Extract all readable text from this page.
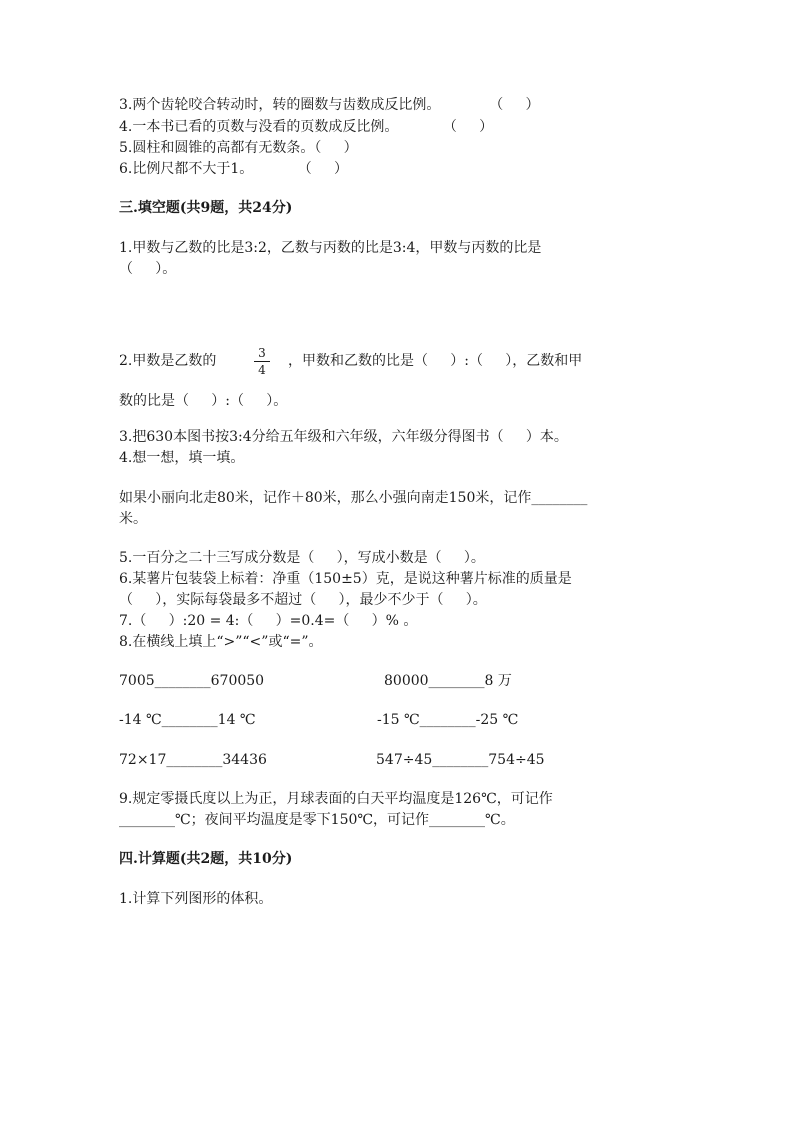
3.两个齿轮咬合转动时，转的圈数与齿数成反比例。           （     ）

4.一本书已看的页数与没看的页数成反比例。          （     ）

5.圆柱和圆锥的高都有无数条。（     ）

6.比例尺都不大于1。          （     ）

三.填空题(共9题，共24分)

1.甲数与乙数的比是3:2，乙数与丙数的比是3:4，甲数与丙数的比是

（     ）。

2.甲数是乙数的	3
4

，甲数和乙数的比是（     ）:（     ），乙数和甲

数的比是（     ）:（     ）。

3.把630本图书按3:4分给五年级和六年级，六年级分得图书（     ）本。

4.想一想，填一填。

如果小丽向北走80米，记作＋80米，那么小强向南走150米，记作________

米。

5.一百分之二十三写成分数是（     ），写成小数是（     ）。

6.某薯片包装袋上标着：净重（150±5）克，是说这种薯片标准的质量是

（     ），实际每袋最多不超过（     ），最少不少于（     ）。

7.（     ）:20 = 4:（     ）=0.4=（     ）% 。

8.在横线上填上“>”“<”或“=”。

7005________670050	80000________8 万

-14 ℃________14 ℃	-15 ℃________-25 ℃

72×17________34436	547÷45________754÷45

9.规定零摄氏度以上为正，月球表面的白天平均温度是126℃，可记作

________℃；夜间平均温度是零下150℃，可记作________℃。

四.计算题(共2题，共10分)

1.计算下列图形的体积。
